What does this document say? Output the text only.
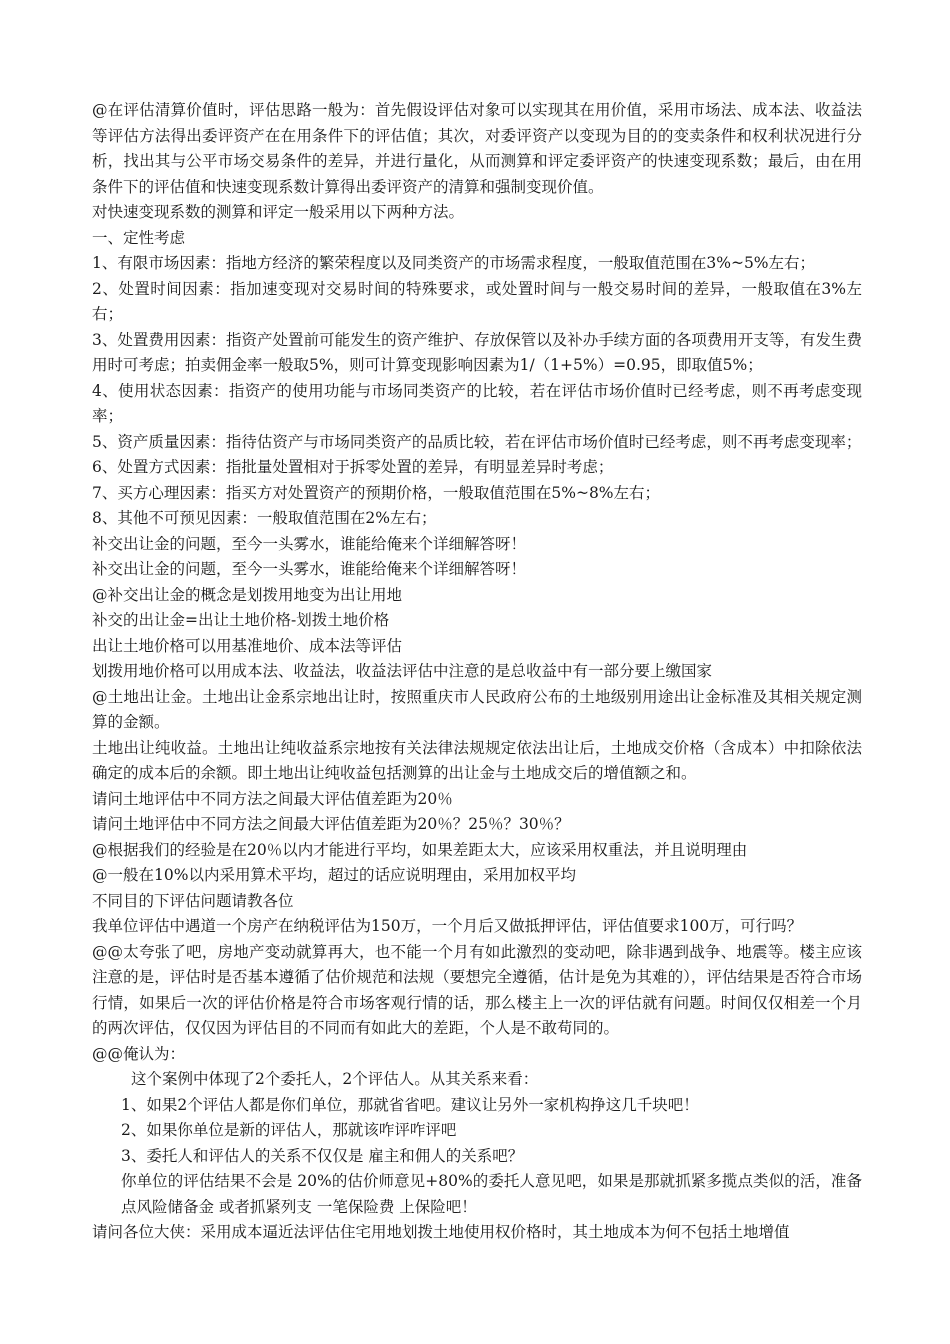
@在评估清算价值时，评估思路一般为：首先假设评估对象可以实现其在用价值，采用市场法、成本法、收益法等评估方法得出委评资产在在用条件下的评估值；其次，对委评资产以变现为目的的变卖条件和权利状况进行分析，找出其与公平市场交易条件的差异，并进行量化，从而测算和评定委评资产的快速变现系数；最后，由在用条件下的评估值和快速变现系数计算得出委评资产的清算和强制变现价值。

对快速变现系数的测算和评定一般采用以下两种方法。

一、定性考虑

1、有限市场因素：指地方经济的繁荣程度以及同类资产的市场需求程度，一般取值范围在3%~5%左右；

2、处置时间因素：指加速变现对交易时间的特殊要求，或处置时间与一般交易时间的差异，一般取值在3%左右；

3、处置费用因素：指资产处置前可能发生的资产维护、存放保管以及补办手续方面的各项费用开支等，有发生费用时可考虑；拍卖佣金率一般取5%，则可计算变现影响因素为1/（1+5%）=0.95，即取值5%；

4、使用状态因素：指资产的使用功能与市场同类资产的比较，若在评估市场价值时已经考虑，则不再考虑变现率；

5、资产质量因素：指待估资产与市场同类资产的品质比较，若在评估市场价值时已经考虑，则不再考虑变现率；

6、处置方式因素：指批量处置相对于拆零处置的差异，有明显差异时考虑；

7、买方心理因素：指买方对处置资产的预期价格，一般取值范围在5%~8%左右；

8、其他不可预见因素：一般取值范围在2%左右；

补交出让金的问题，至今一头雾水，谁能给俺来个详细解答呀！

补交出让金的问题，至今一头雾水，谁能给俺来个详细解答呀！

@补交出让金的概念是划拨用地变为出让用地

补交的出让金=出让土地价格-划拨土地价格

出让土地价格可以用基准地价、成本法等评估

划拨用地价格可以用成本法、收益法，收益法评估中注意的是总收益中有一部分要上缴国家

@土地出让金。土地出让金系宗地出让时，按照重庆市人民政府公布的土地级别用途出让金标准及其相关规定测算的金额。

土地出让纯收益。土地出让纯收益系宗地按有关法律法规规定依法出让后，土地成交价格（含成本）中扣除依法确定的成本后的余额。即土地出让纯收益包括测算的出让金与土地成交后的增值额之和。

请问土地评估中不同方法之间最大评估值差距为20％

请问土地评估中不同方法之间最大评估值差距为20％？25％？30％？

@根据我们的经验是在20％以内才能进行平均，如果差距太大，应该采用权重法，并且说明理由

@一般在10%以内采用算术平均，超过的话应说明理由，采用加权平均

不同目的下评估问题请教各位

我单位评估中遇道一个房产在纳税评估为150万，一个月后又做抵押评估，评估值要求100万，可行吗？

@@太夸张了吧，房地产变动就算再大，也不能一个月有如此激烈的变动吧，除非遇到战争、地震等。楼主应该注意的是，评估时是否基本遵循了估价规范和法规（要想完全遵循，估计是免为其难的），评估结果是否符合市场行情，如果后一次的评估价格是符合市场客观行情的话，那么楼主上一次的评估就有问题。时间仅仅相差一个月的两次评估，仅仅因为评估目的不同而有如此大的差距，个人是不敢苟同的。

@@俺认为：

这个案例中体现了2个委托人，2个评估人。从其关系来看：

1、如果2个评估人都是你们单位，那就省省吧。建议让另外一家机构挣这几千块吧！

2、如果你单位是新的评估人，那就该咋评咋评吧

3、委托人和评估人的关系不仅仅是 雇主和佣人的关系吧？

你单位的评估结果不会是 20%的估价师意见+80%的委托人意见吧，如果是那就抓紧多揽点类似的活，准备点风险储备金 或者抓紧列支 一笔保险费 上保险吧！

请问各位大侠：采用成本逼近法评估住宅用地划拨土地使用权价格时，其土地成本为何不包括土地增值
